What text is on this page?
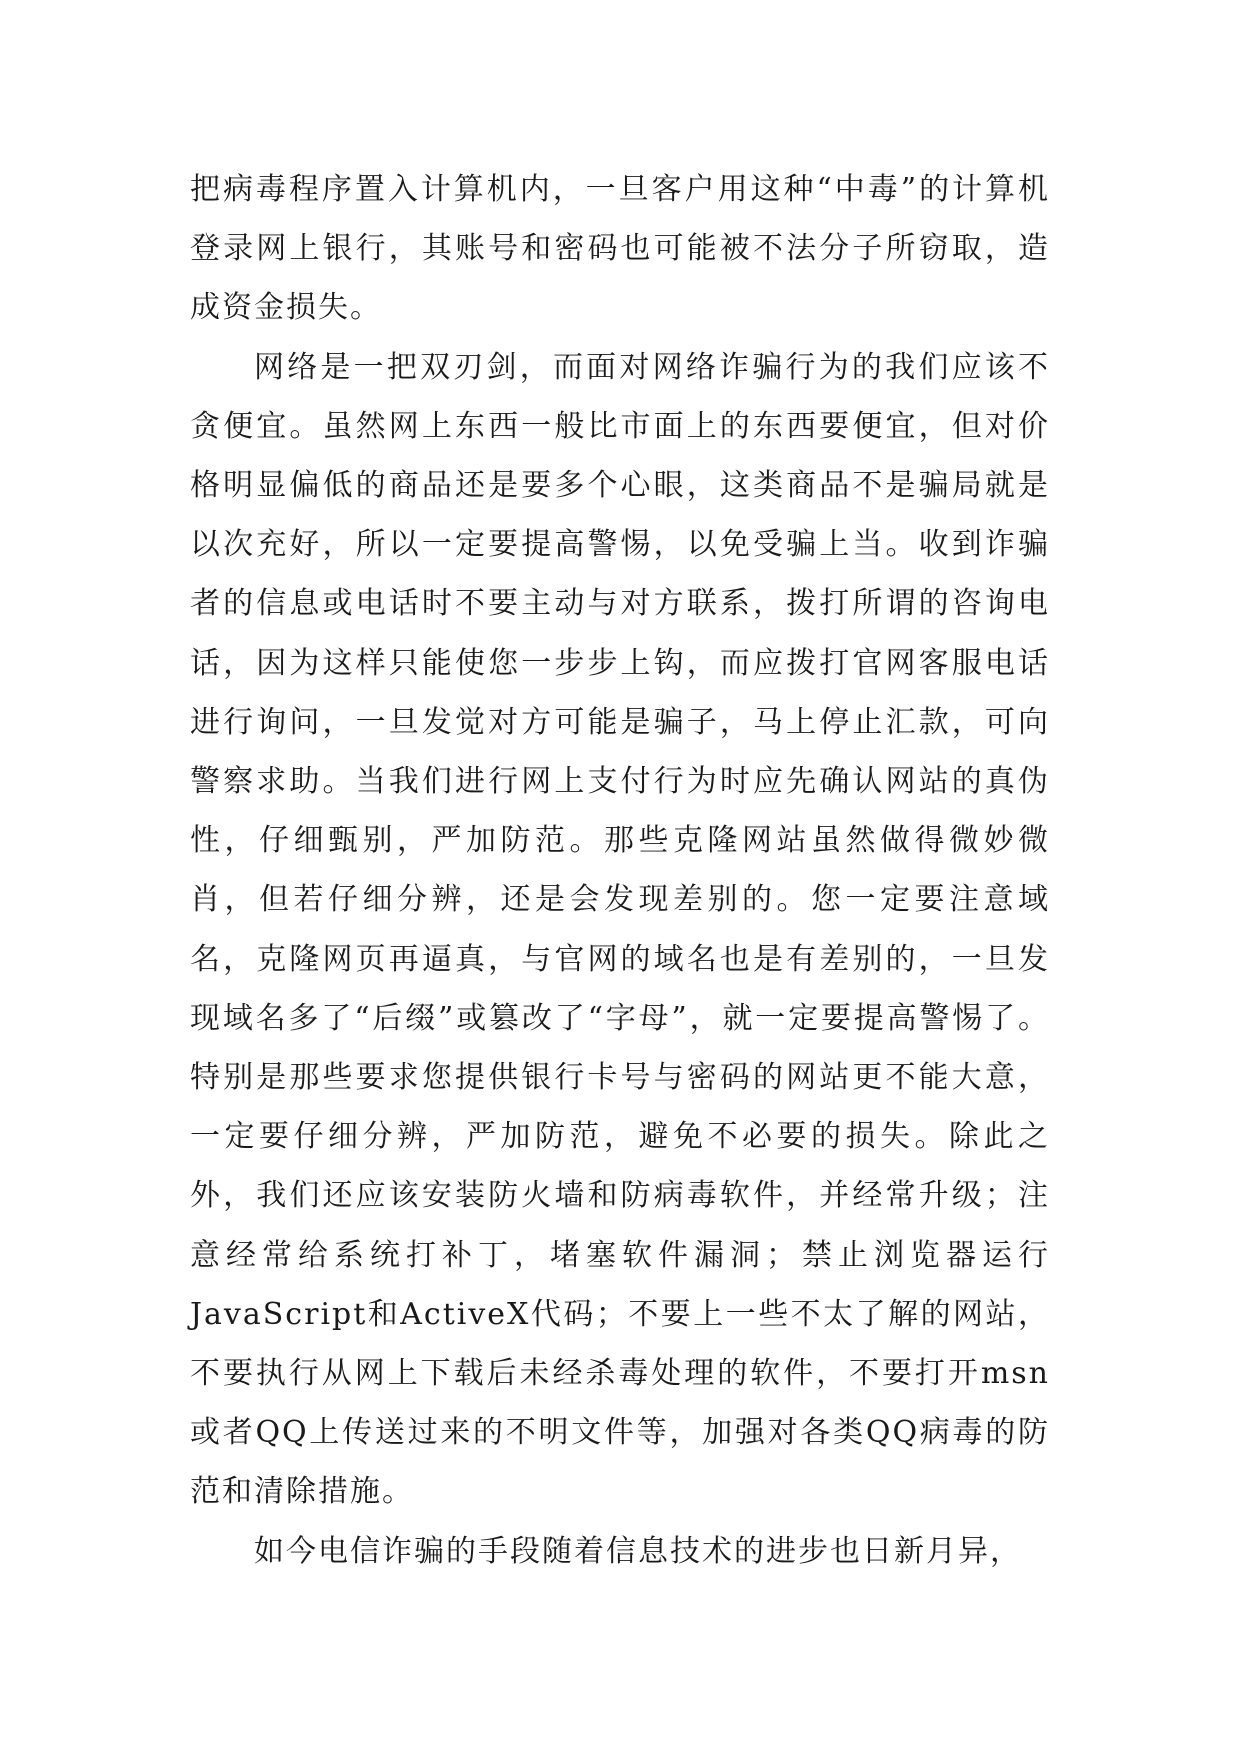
把病毒程序置入计算机内，一旦客户用这种“中毒”的计算机登录网上银行，其账号和密码也可能被不法分子所窃取，造成资金损失。

网络是一把双刃剑，而面对网络诈骗行为的我们应该不贪便宜。虽然网上东西一般比市面上的东西要便宜，但对价格明显偏低的商品还是要多个心眼，这类商品不是骗局就是以次充好，所以一定要提高警惕，以免受骗上当。收到诈骗者的信息或电话时不要主动与对方联系，拨打所谓的咨询电话，因为这样只能使您一步步上钩，而应拨打官网客服电话进行询问，一旦发觉对方可能是骗子，马上停止汇款，可向警察求助。当我们进行网上支付行为时应先确认网站的真伪性，仔细甄别，严加防范。那些克隆网站虽然做得微妙微肖，但若仔细分辨，还是会发现差别的。您一定要注意域名，克隆网页再逼真，与官网的域名也是有差别的，一旦发现域名多了“后缀”或篡改了“字母”，就一定要提高警惕了。特别是那些要求您提供银行卡号与密码的网站更不能大意，一定要仔细分辨，严加防范，避免不必要的损失。除此之外，我们还应该安装防火墙和防病毒软件，并经常升级；注意经常给系统打补丁，堵塞软件漏洞；禁止浏览器运行JavaScript和ActiveX代码；不要上一些不太了解的网站，不要执行从网上下载后未经杀毒处理的软件，不要打开msn或者QQ上传送过来的不明文件等，加强对各类QQ病毒的防范和清除措施。

如今电信诈骗的手段随着信息技术的进步也日新月异，
